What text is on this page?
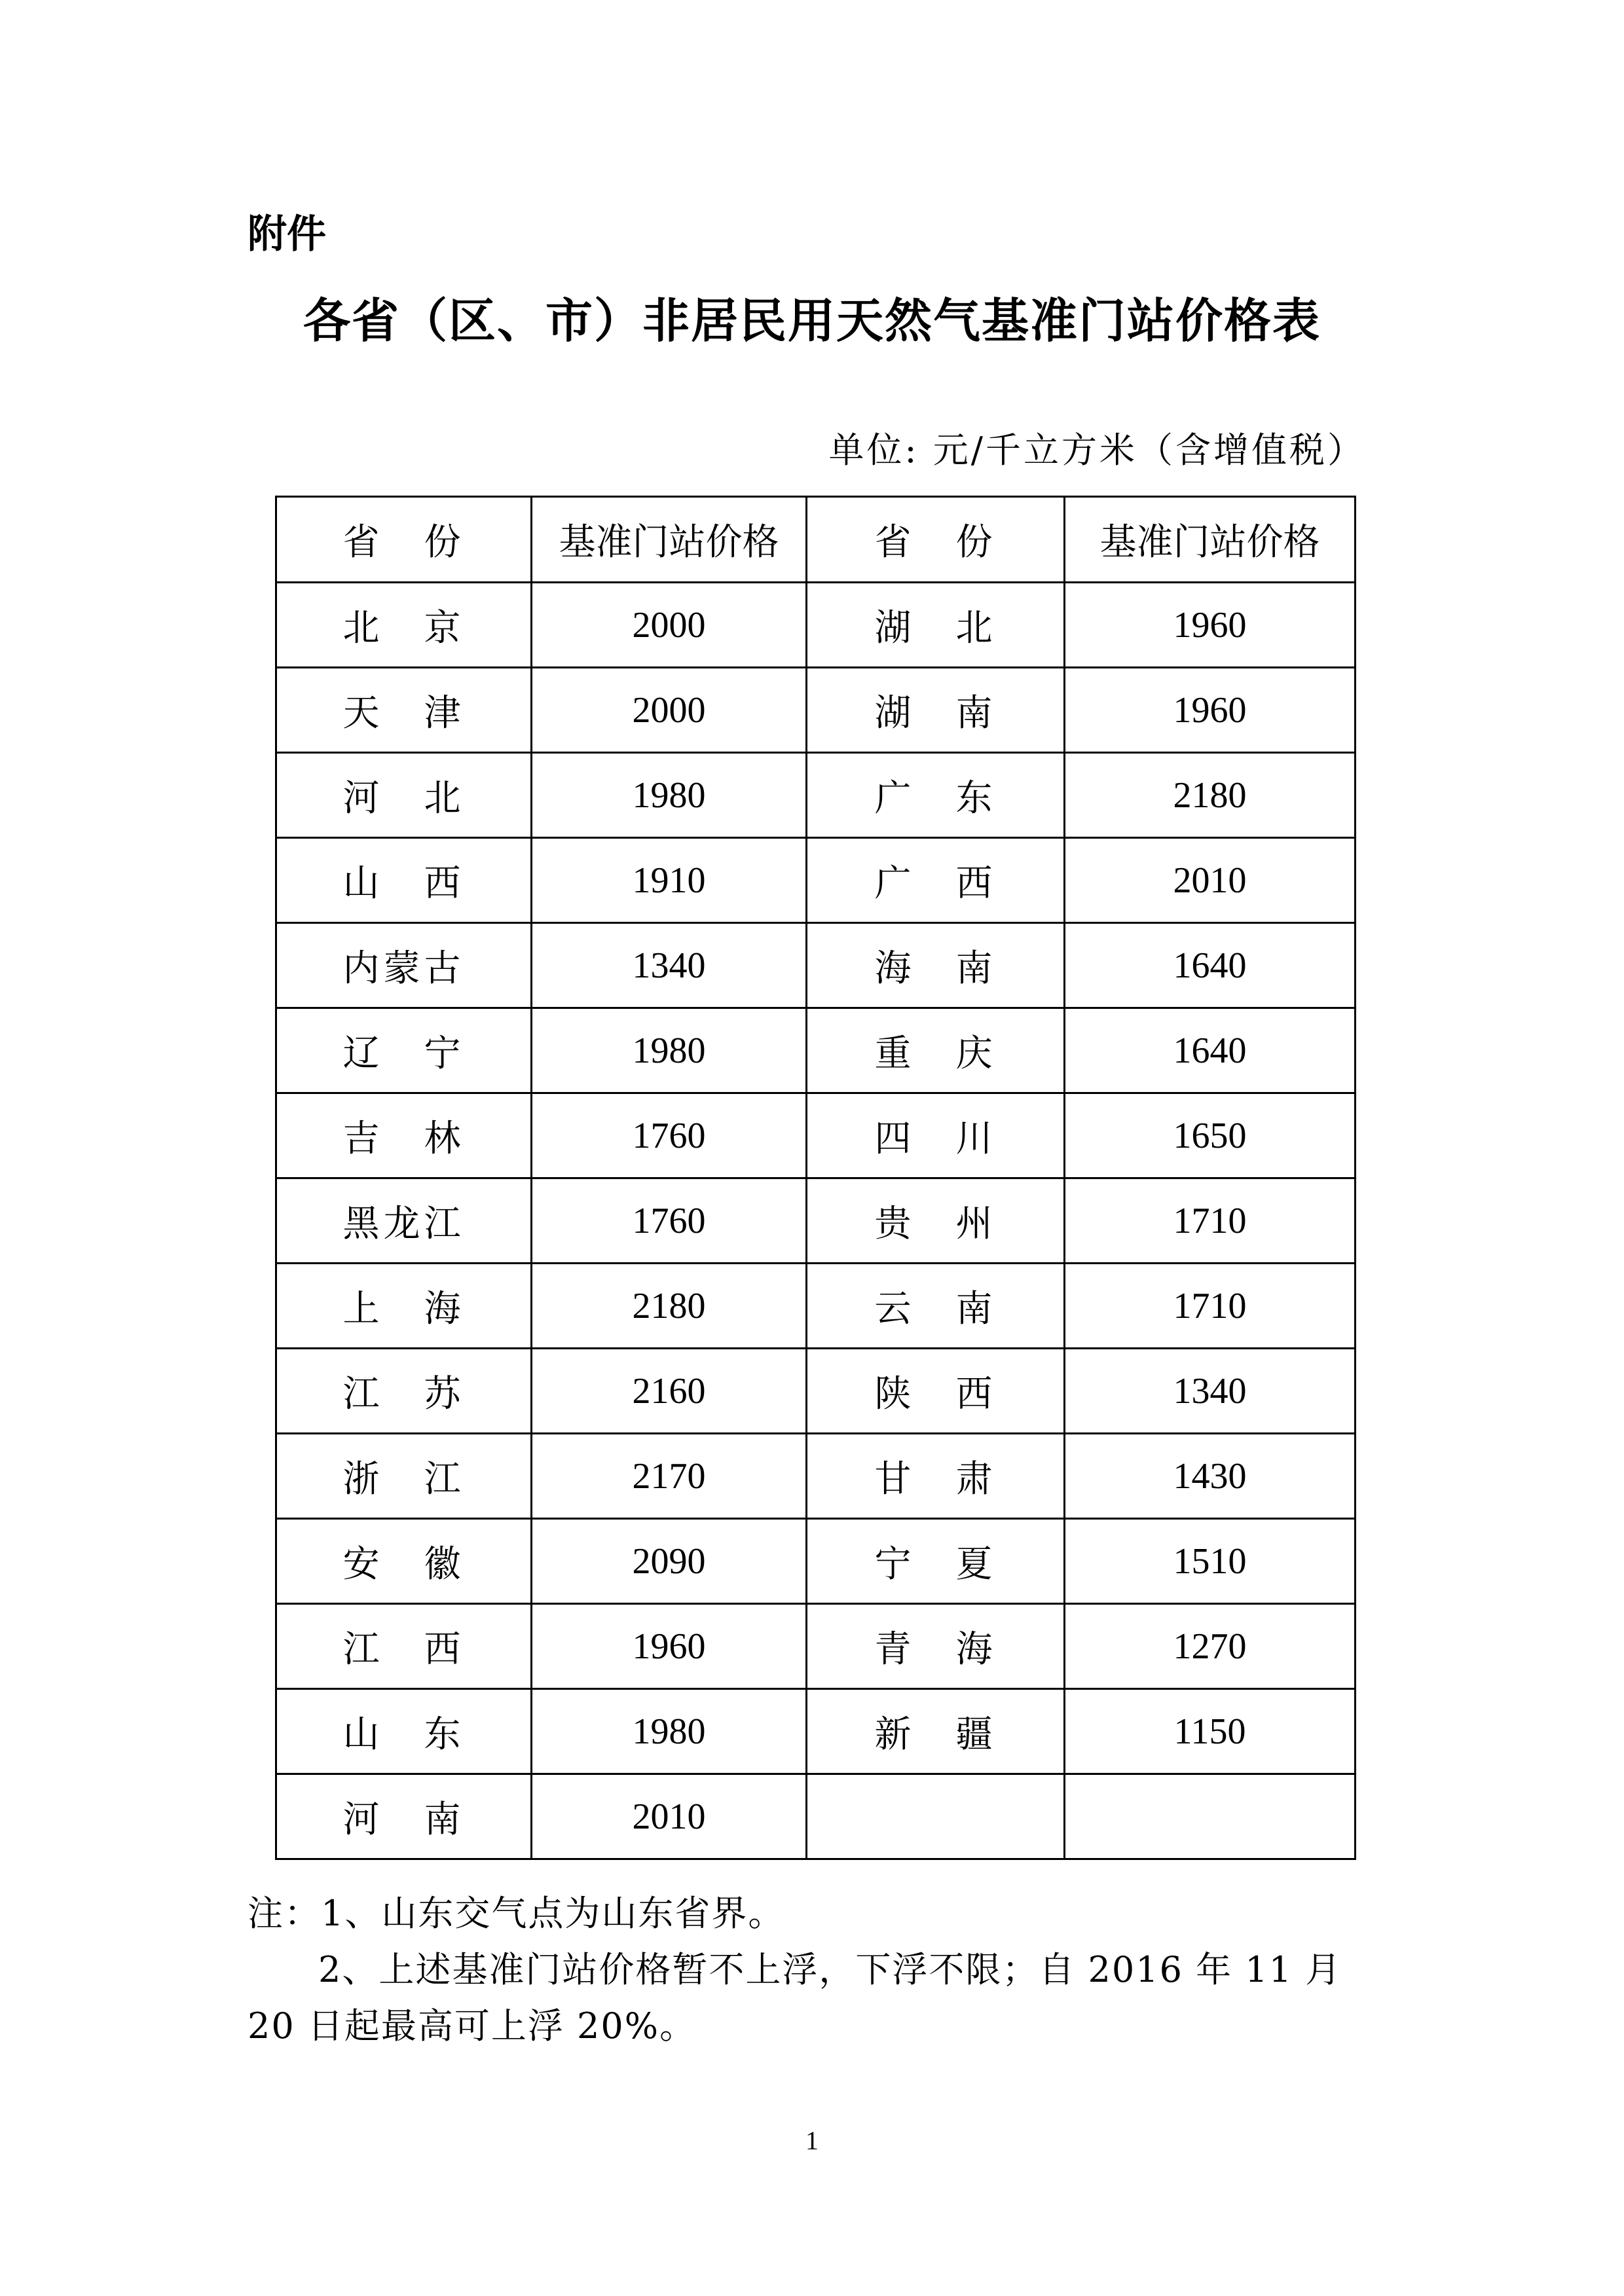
附件
各省（区、市）非居民用天然气基准门站价格表
单位: 元/千立方米（含增值税）
省　份	基准门站价格	省　份	基准门站价格
北　京	2000	湖　北	1960
天　津	2000	湖　南	1960
河　北	1980	广　东	2180
山　西	1910	广　西	2010
内蒙古	1340	海　南	1640
辽　宁	1980	重　庆	1640
吉　林	1760	四　川	1650
黑龙江	1760	贵　州	1710
上　海	2180	云　南	1710
江　苏	2160	陕　西	1340
浙　江	2170	甘　肃	1430
安　徽	2090	宁　夏	1510
江　西	1960	青　海	1270
山　东	1980	新　疆	1150
河　南	2010		

注：1、山东交气点为山东省界。

2、上述基准门站价格暂不上浮，下浮不限；自 2016 年 11 月 20 日起最高可上浮 20%。

1
